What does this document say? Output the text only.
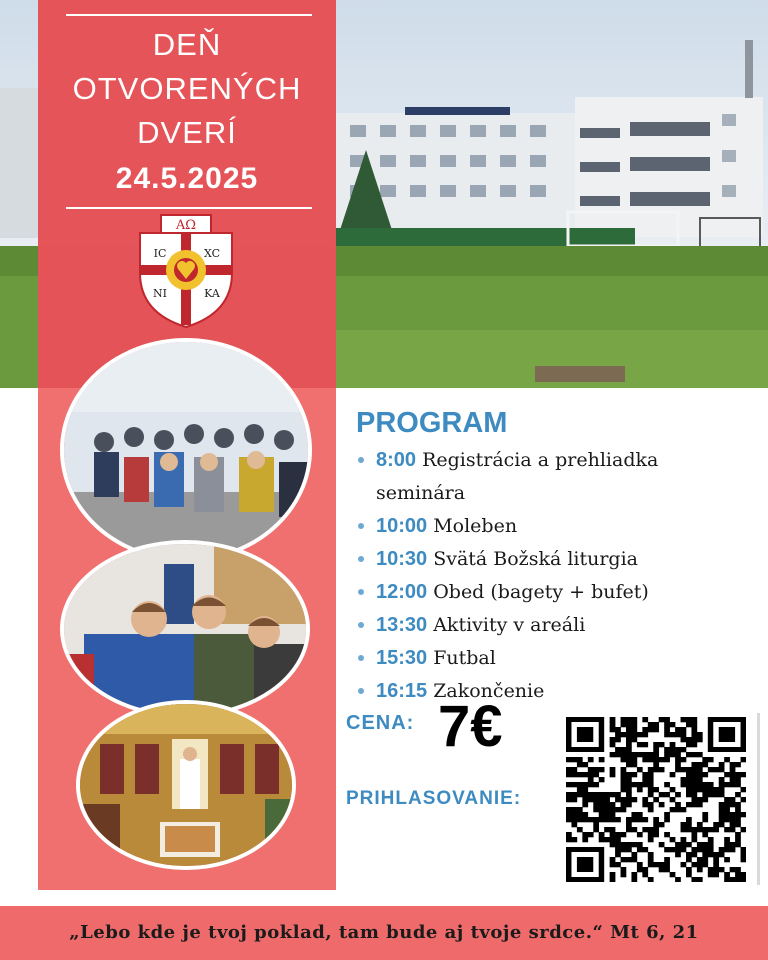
DEŇ
OTVORENÝCH
DVERÍ
24.5.2025
AΩ
IC	XC
NI	KA
PROGRAM
8:00 Registrácia a prehliadka
seminára
10:00 Moleben
10:30 Svätá Božská liturgia
12:00 Obed (bagety + bufet)
13:30 Aktivity v areáli
15:30 Futbal
16:15 Zakončenie
CENA: 7€
PRIHLASOVANIE:
„Lebo kde je tvoj poklad, tam bude aj tvoje srdce.“ Mt 6, 21
